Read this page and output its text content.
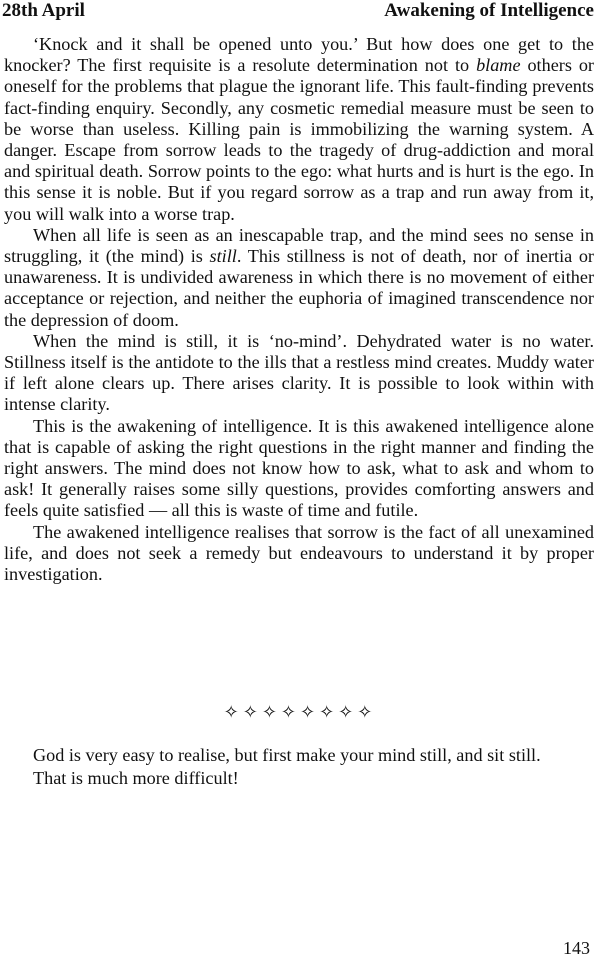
28th April	Awakening of Intelligence

‘Knock and it shall be opened unto you.’ But how does one get to the knocker? The first requisite is a resolute determination not to blame others or oneself for the problems that plague the ignorant life. This fault-finding prevents fact-finding enquiry. Secondly, any cosmetic remedial measure must be seen to be worse than useless. Killing pain is immobilizing the warning system. A danger. Escape from sorrow leads to the tragedy of drug-addiction and moral and spiritual death. Sorrow points to the ego: what hurts and is hurt is the ego. In this sense it is noble. But if you regard sorrow as a trap and run away from it, you will walk into a worse trap.

When all life is seen as an inescapable trap, and the mind sees no sense in struggling, it (the mind) is still. This stillness is not of death, nor of inertia or unawareness. It is undivided awareness in which there is no movement of either acceptance or rejection, and neither the euphoria of imagined transcendence nor the depression of doom.

When the mind is still, it is ‘no-mind’. Dehydrated water is no water. Stillness itself is the antidote to the ills that a restless mind creates. Muddy water if left alone clears up. There arises clarity. It is possible to look within with intense clarity.

This is the awakening of intelligence. It is this awakened intelligence alone that is capable of asking the right questions in the right manner and finding the right answers. The mind does not know how to ask, what to ask and whom to ask! It generally raises some silly questions, provides comforting answers and feels quite satisfied — all this is waste of time and futile.

The awakened intelligence realises that sorrow is the fact of all unexamined life, and does not seek a remedy but endeavours to understand it by proper investigation.

✧✧✧✧✧✧✧✧

God is very easy to realise, but first make your mind still, and sit still.

That is much more difficult!

143
